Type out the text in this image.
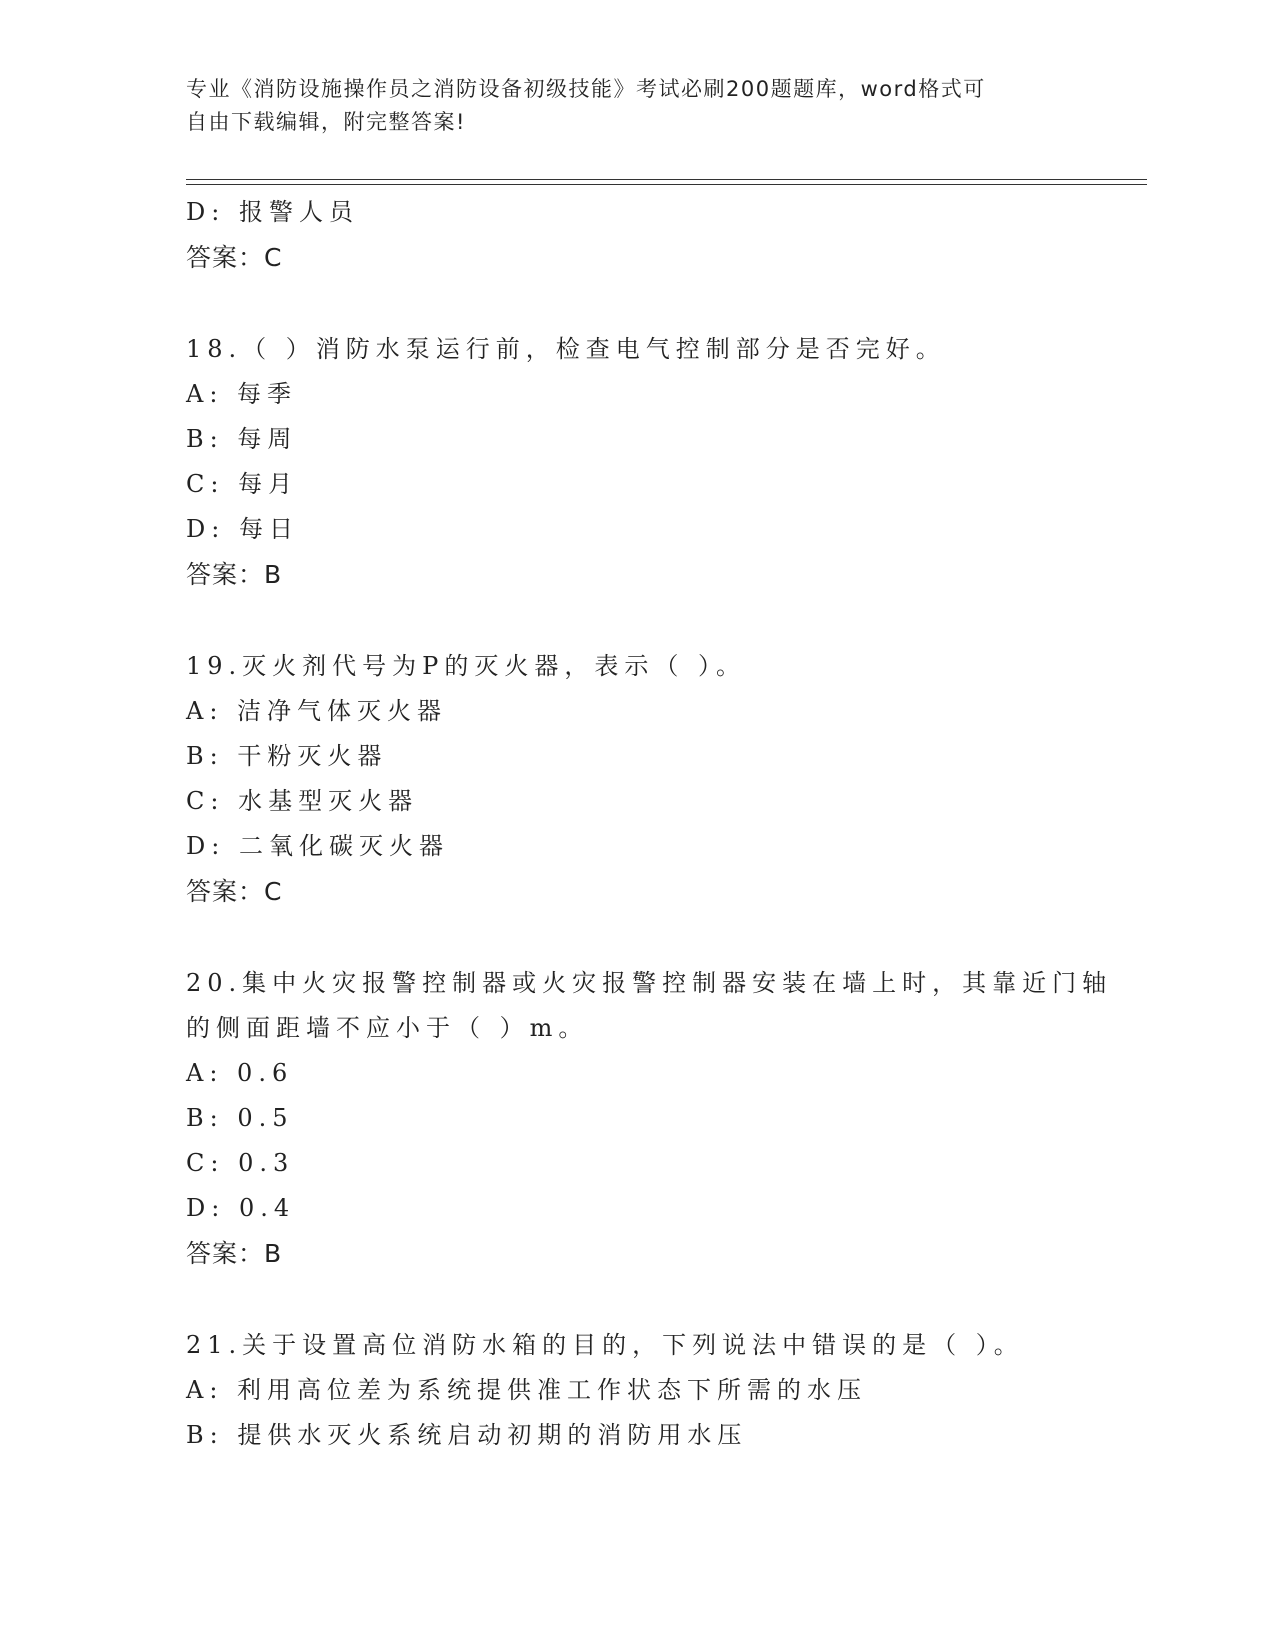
专业《消防设施操作员之消防设备初级技能》考试必刷200题题库，word格式可
自由下载编辑，附完整答案!
D: 报警人员
答案：C
18.（ ）消防水泵运行前，检查电气控制部分是否完好。
A: 每季
B: 每周
C: 每月
D: 每日
答案：B
19.灭火剂代号为P的灭火器，表示（ ）。
A: 洁净气体灭火器
B: 干粉灭火器
C: 水基型灭火器
D: 二氧化碳灭火器
答案：C
20.集中火灾报警控制器或火灾报警控制器安装在墙上时，其靠近门轴
的侧面距墙不应小于（ ）m。
A: 0.6
B: 0.5
C: 0.3
D: 0.4
答案：B
21.关于设置高位消防水箱的目的，下列说法中错误的是（ ）。
A: 利用高位差为系统提供准工作状态下所需的水压
B: 提供水灭火系统启动初期的消防用水压
